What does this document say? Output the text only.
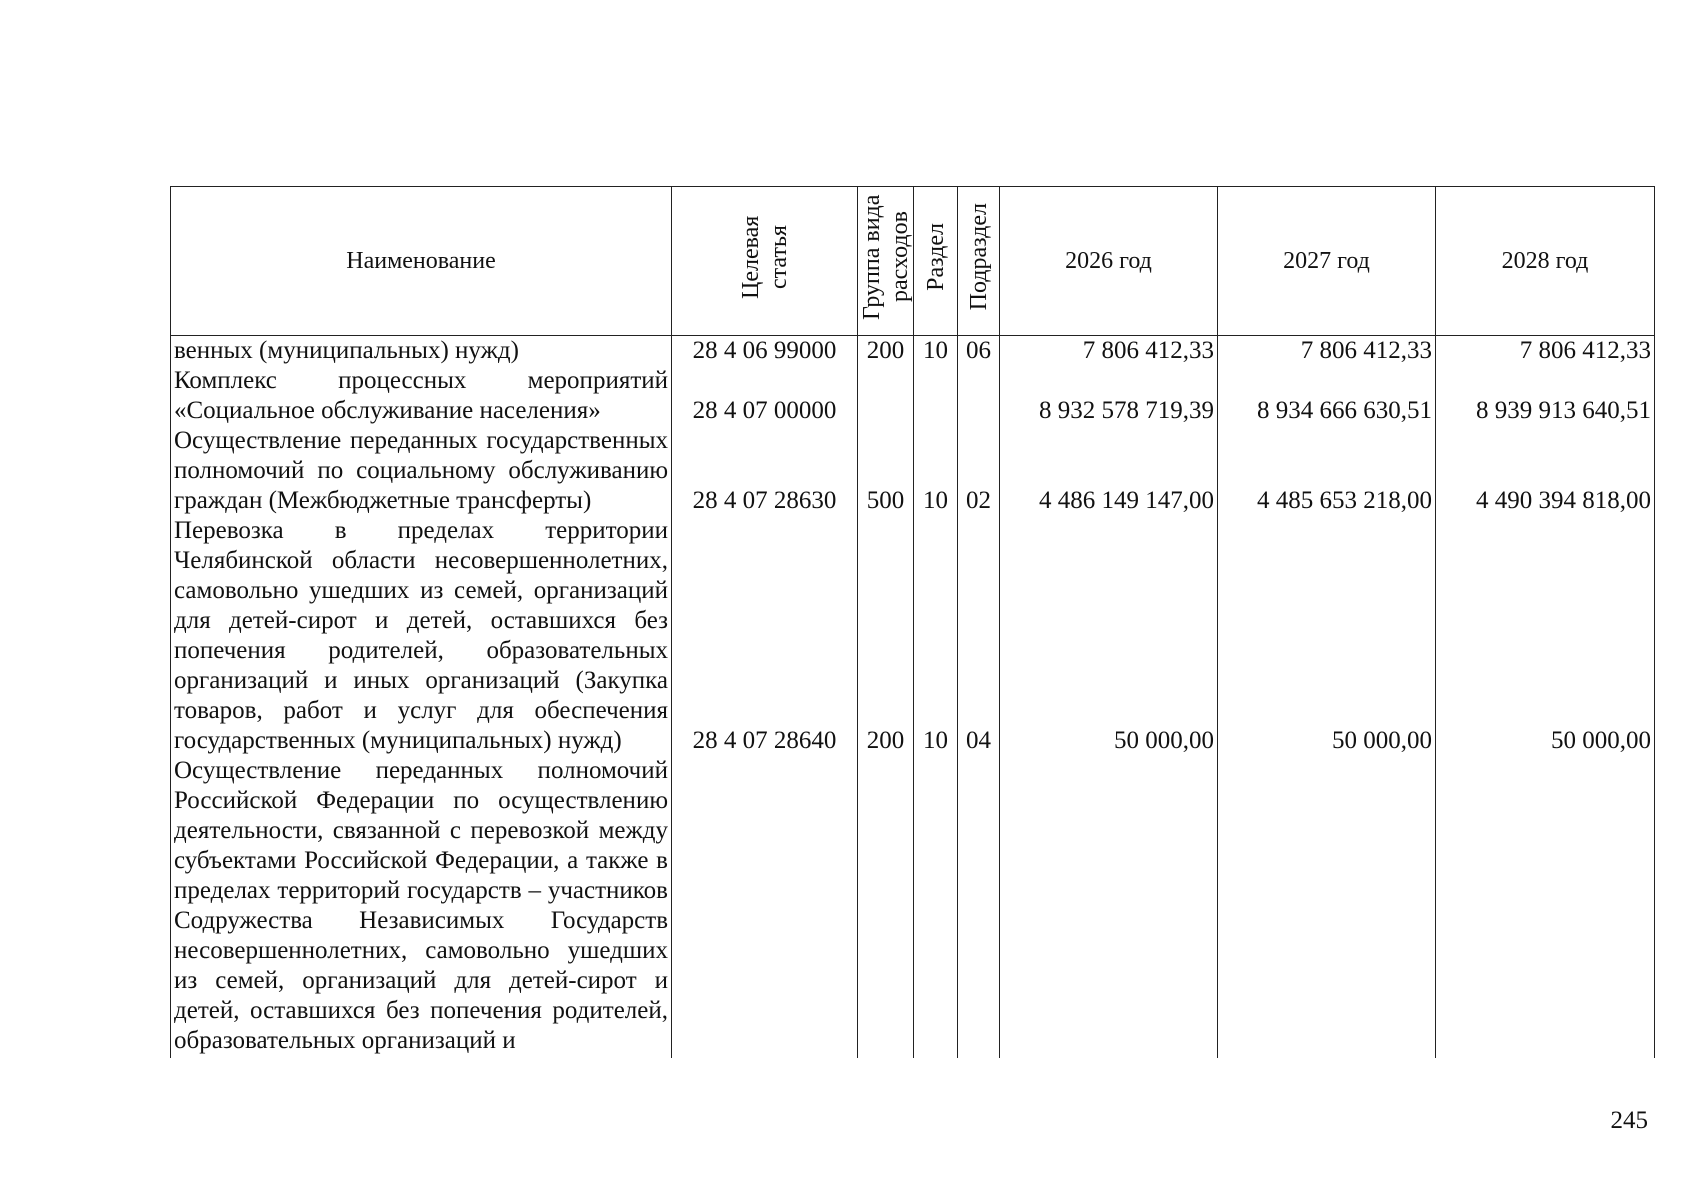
Наименование	Целевая статья	Группа вида расходов	Раздел	Подраздел	2026 год	2027 год	2028 год
венных (муниципальных) нужд)	28 4 06 99000	200	10	06	7 806 412,33	7 806 412,33	7 806 412,33
Комплекс процессных мероприятий «Социальное обслуживание населения»	28 4 07 00000				8 932 578 719,39	8 934 666 630,51	8 939 913 640,51
Осуществление переданных государственных полномочий по социальному обслуживанию граждан (Межбюджетные трансферты)	28 4 07 28630	500	10	02	4 486 149 147,00	4 485 653 218,00	4 490 394 818,00
Перевозка в пределах территории Челябинской области несовершеннолетних, самовольно ушедших из семей, организаций для детей-сирот и детей, оставшихся без попечения родителей, образовательных организаций и иных организаций (Закупка товаров, работ и услуг для обеспечения государственных (муниципальных) нужд)	28 4 07 28640	200	10	04	50 000,00	50 000,00	50 000,00
Осуществление переданных полномочий Российской Федерации по осуществлению деятельности, связанной с перевозкой между субъектами Российской Федерации, а также в пределах территорий государств – участников Содружества Независимых Государств несовершеннолетних, самовольно ушедших из семей, организаций для детей-сирот и детей, оставшихся без попечения родителей, образовательных организаций и							

245
